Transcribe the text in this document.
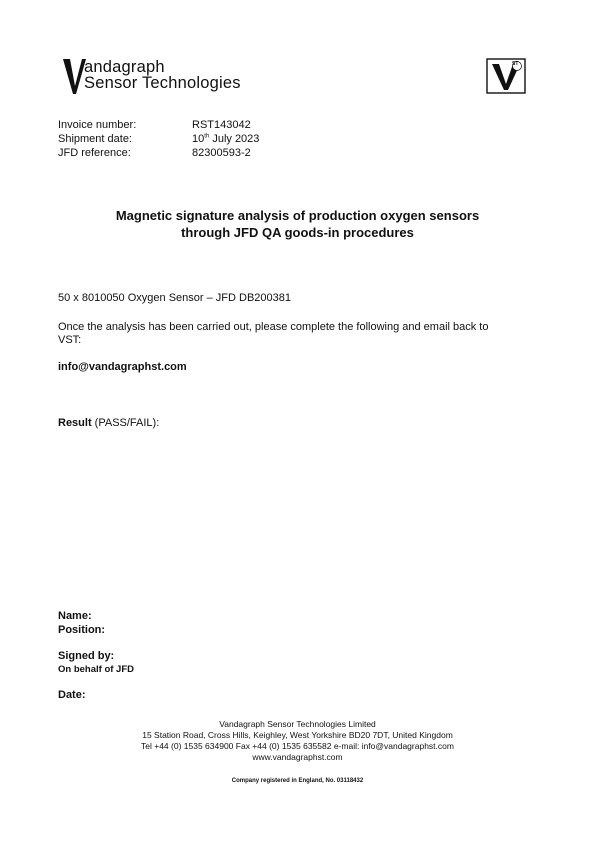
andagraph
Sensor Technologies
ST
Invoice number:	RST143042
Shipment date:	10th July 2023
JFD reference:	82300593-2
Magnetic signature analysis of production oxygen sensors
through JFD QA goods-in procedures
50 x 8010050 Oxygen Sensor – JFD DB200381
Once the analysis has been carried out, please complete the following and email back to
VST:
info@vandagraphst.com
Result (PASS/FAIL):
Name:
Position:
Signed by:
On behalf of JFD
Date:
Vandagraph Sensor Technologies Limited
15 Station Road, Cross Hills, Keighley, West Yorkshire BD20 7DT, United Kingdom
Tel +44 (0) 1535 634900 Fax +44 (0) 1535 635582 e-mail: info@vandagraphst.com
www.vandagraphst.com
Company registered in England, No. 03118432
